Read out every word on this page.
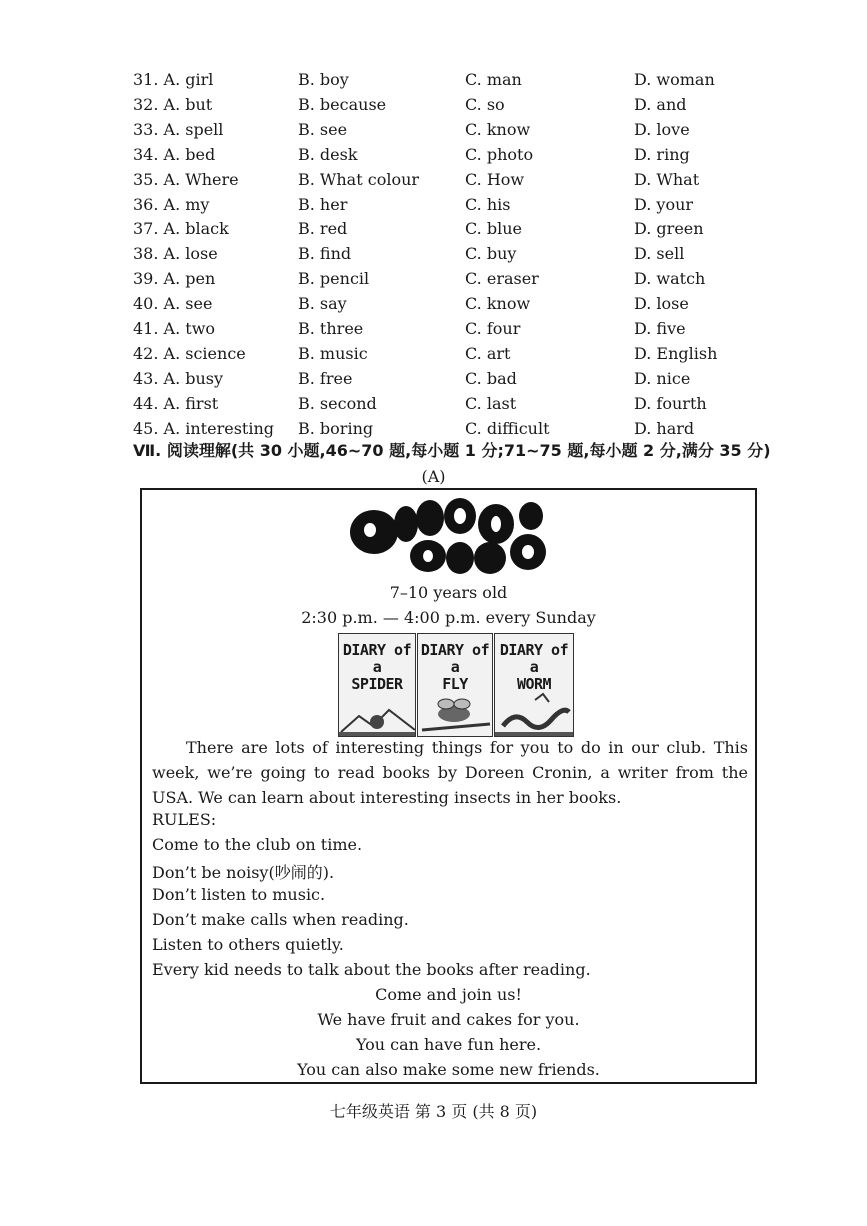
31. A. girl	B. boy	C. man	D. woman
32. A. but	B. because	C. so	D. and
33. A. spell	B. see	C. know	D. love
34. A. bed	B. desk	C. photo	D. ring
35. A. Where	B. What colour	C. How	D. What
36. A. my	B. her	C. his	D. your
37. A. black	B. red	C. blue	D. green
38. A. lose	B. find	C. buy	D. sell
39. A. pen	B. pencil	C. eraser	D. watch
40. A. see	B. say	C. know	D. lose
41. A. two	B. three	C. four	D. five
42. A. science	B. music	C. art	D. English
43. A. busy	B. free	C. bad	D. nice
44. A. first	B. second	C. last	D. fourth
45. A. interesting B. boring	C. difficult	D. hard
Ⅶ. 阅读理解(共 30 小题,46~70 题,每小题 1 分;71~75 题,每小题 2 分,满分 35 分)
(A)
Kids club
7–10 years old
2:30 p.m. — 4:00 p.m. every Sunday
DIARY of a
SPIDER
DIARY of a
FLY
DIARY of a
WORM
There are lots of interesting things for you to do in our club. This week, we’re going to read books by Doreen Cronin, a writer from the USA. We can learn about interesting insects in her books.
RULES:
Come to the club on time.
Don’t be noisy(吵闹的).
Don’t listen to music.
Don’t make calls when reading.
Listen to others quietly.
Every kid needs to talk about the books after reading.
Come and join us!
We have fruit and cakes for you.
You can have fun here.
You can also make some new friends.
七年级英语 第 3 页 (共 8 页)
